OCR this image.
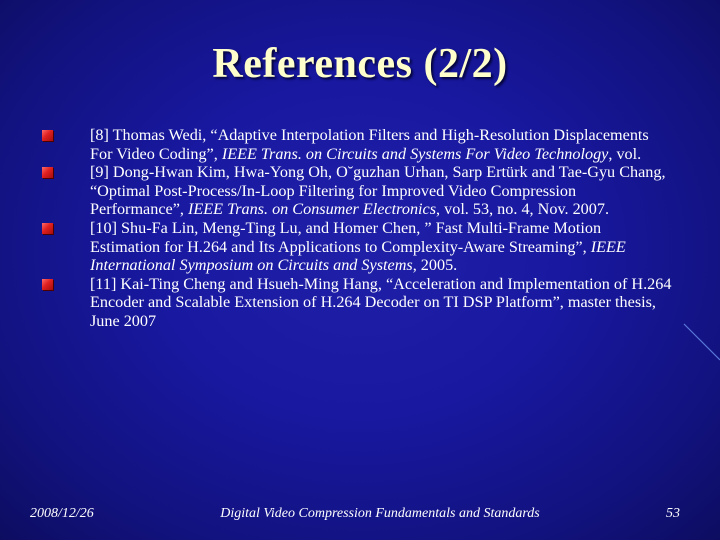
References (2/2)
[8] Thomas Wedi, “Adaptive Interpolation Filters and High-Resolution Displacements For Video Coding”, IEEE Trans. on Circuits and Systems For Video Technology, vol.
[9] Dong-Hwan Kim, Hwa-Yong Oh, O˘guzhan Urhan, Sarp Ertürk and Tae-Gyu Chang, “Optimal Post-Process/In-Loop Filtering for Improved Video Compression Performance”, IEEE Trans. on Consumer Electronics, vol. 53, no. 4, Nov. 2007.
[10] Shu-Fa Lin, Meng-Ting Lu, and Homer Chen, ” Fast Multi-Frame Motion Estimation for H.264 and Its Applications to Complexity-Aware Streaming”, IEEE International Symposium on Circuits and Systems, 2005.
[11] Kai-Ting Cheng and Hsueh-Ming Hang, “Acceleration and Implementation of H.264 Encoder and Scalable Extension of H.264 Decoder on TI DSP Platform”, master thesis, June 2007
2008/12/26	Digital Video Compression Fundamentals and Standards	53
